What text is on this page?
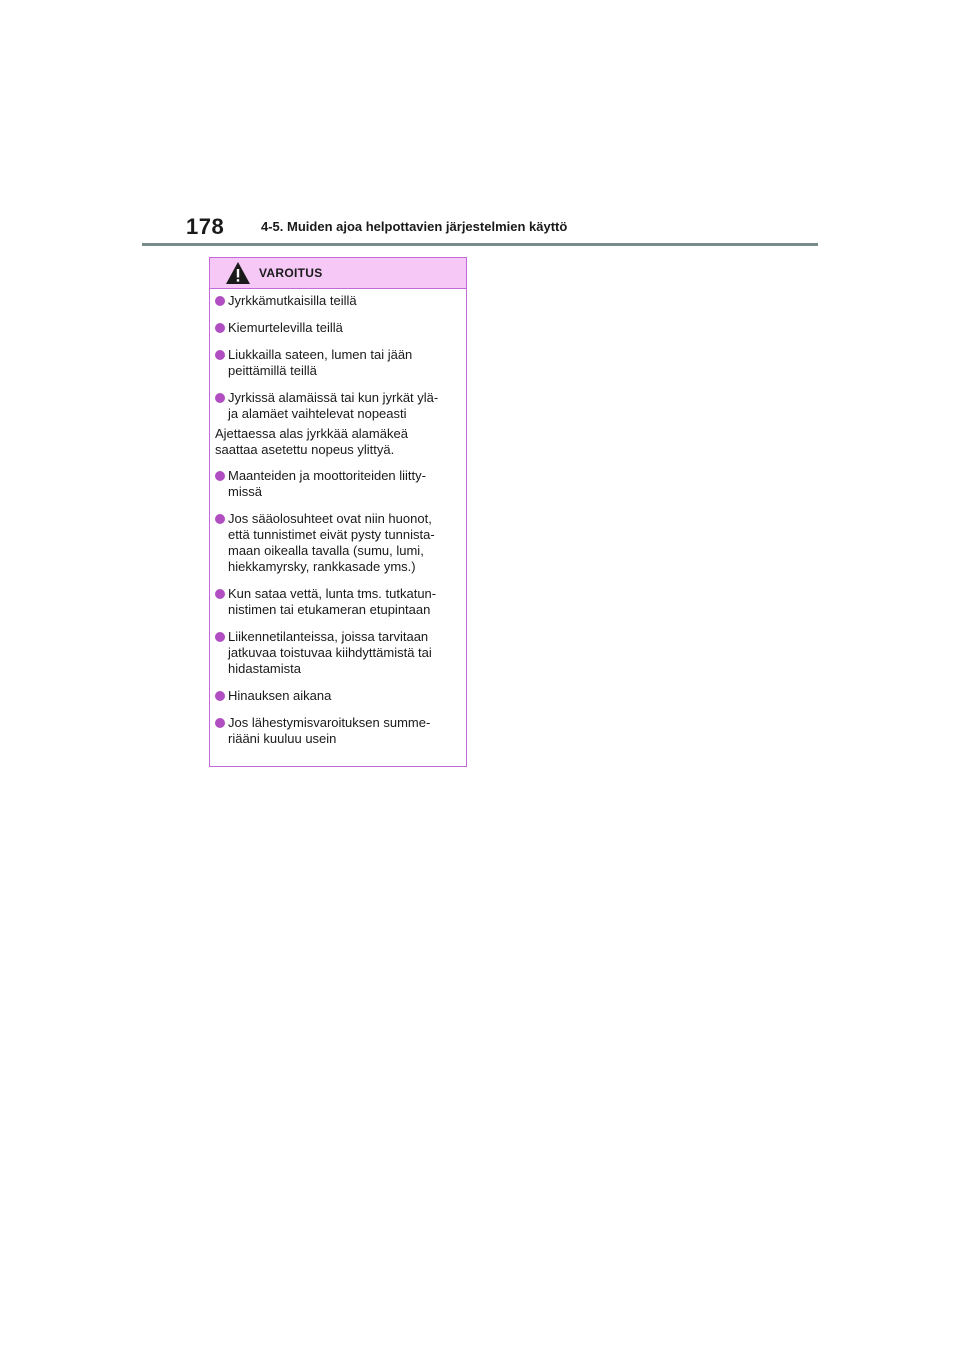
178	4-5. Muiden ajoa helpottavien järjestelmien käyttö
VAROITUS
Jyrkkämutkaisilla teillä
Kiemurtelevilla teillä
Liukkailla sateen, lumen tai jään
peittämillä teillä
Jyrkissä alamäissä tai kun jyrkät ylä-
ja alamäet vaihtelevat nopeasti
Ajettaessa alas jyrkkää alamäkeä
saattaa asetettu nopeus ylittyä.
Maanteiden ja moottoriteiden liitty-
missä
Jos sääolosuhteet ovat niin huonot,
että tunnistimet eivät pysty tunnista-
maan oikealla tavalla (sumu, lumi,
hiekkamyrsky, rankkasade yms.)
Kun sataa vettä, lunta tms. tutkatun-
nistimen tai etukameran etupintaan
Liikennetilanteissa, joissa tarvitaan
jatkuvaa toistuvaa kiihdyttämistä tai
hidastamista
Hinauksen aikana
Jos lähestymisvaroituksen summe-
riääni kuuluu usein
